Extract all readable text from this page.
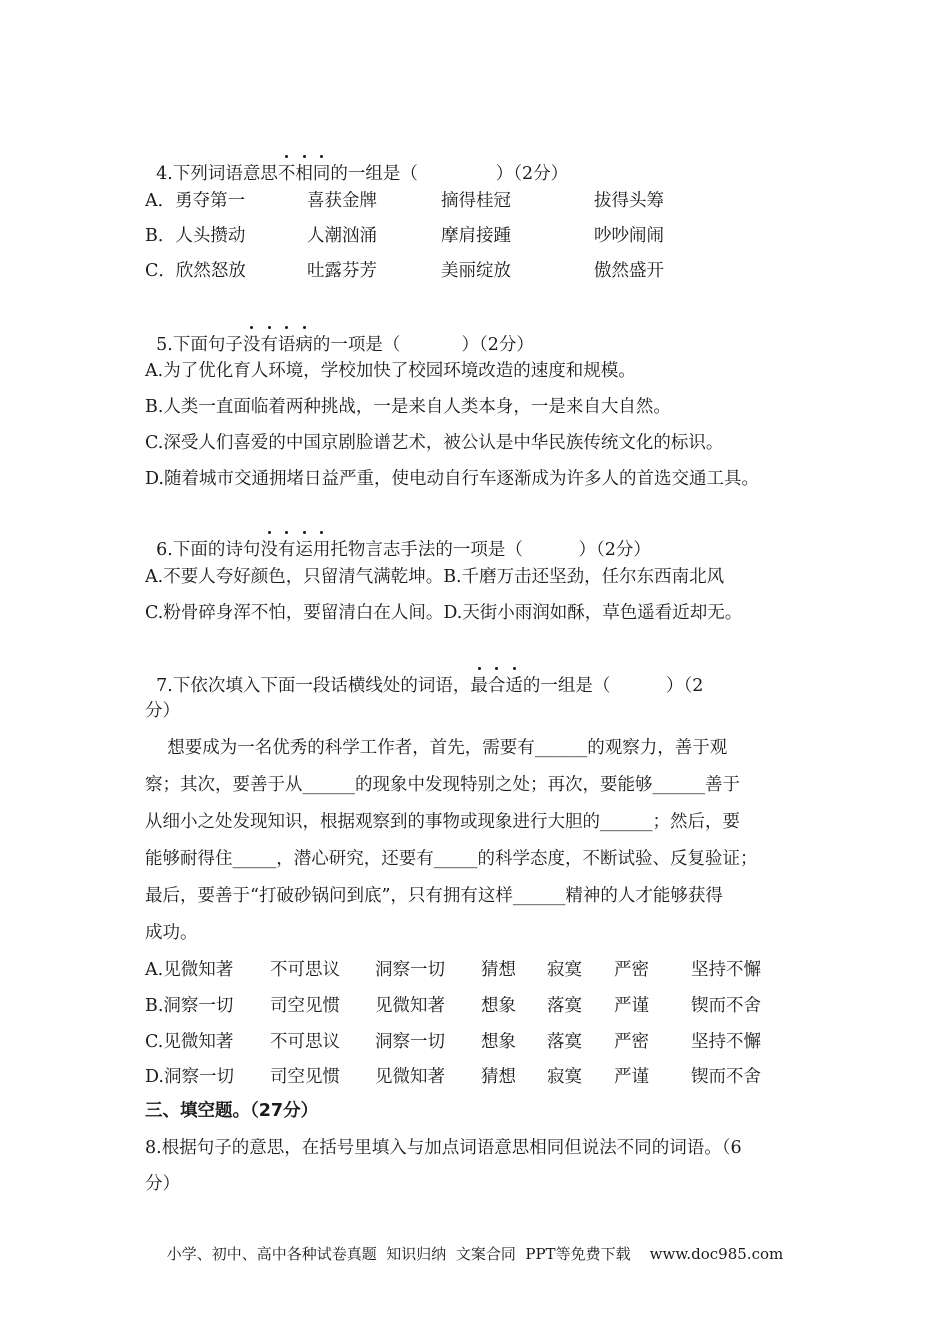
4.下列词语意思不相同的一组是（              ）（2分）

A．勇夺第一	喜获金牌	摘得桂冠	拔得头筹
B．人头攒动	人潮汹涌	摩肩接踵	吵吵闹闹
C．欣然怒放	吐露芬芳	美丽绽放	傲然盛开

5.下面句子没有语病的一项是（           ）（2分）

A.为了优化育人环境，学校加快了校园环境改造的速度和规模。
B.人类一直面临着两种挑战，一是来自人类本身，一是来自大自然。
C.深受人们喜爱的中国京剧脸谱艺术，被公认是中华民族传统文化的标识。
D.随着城市交通拥堵日益严重，使电动自行车逐渐成为许多人的首选交通工具。

6.下面的诗句没有运用托物言志手法的一项是（          ）（2分）

A.不要人夸好颜色，只留清气满乾坤。B.千磨万击还坚劲，任尔东西南北风
C.粉骨碎身浑不怕，要留清白在人间。D.天街小雨润如酥，草色遥看近却无。

7.下依次填入下面一段话横线处的词语，最合适的一组是（          ）（2

分）
想要成为一名优秀的科学工作者，首先，需要有______的观察力，善于观
察；其次，要善于从______的现象中发现特别之处；再次，要能够______善于
从细小之处发现知识，根据观察到的事物或现象进行大胆的______；然后，要
能够耐得住_____，潜心研究，还要有_____的科学态度，不断试验、反复验证；
最后，要善于“打破砂锅问到底”，只有拥有这样______精神的人才能够获得
成功。
A.见微知著 不可思议 洞察一切 猜想 寂寞 严密 坚持不懈
B.洞察一切 司空见惯 见微知著 想象 落寞 严谨 锲而不舍
C.见微知著 不可思议 洞察一切 想象 落寞 严密 坚持不懈
D.洞察一切 司空见惯 见微知著 猜想 寂寞 严谨 锲而不舍
三、填空题。（27分）
8.根据句子的意思，在括号里填入与加点词语意思相同但说法不同的词语。（6
分）
小学、初中、高中各种试卷真题  知识归纳  文案合同  PPT等免费下载    www.doc985.com
